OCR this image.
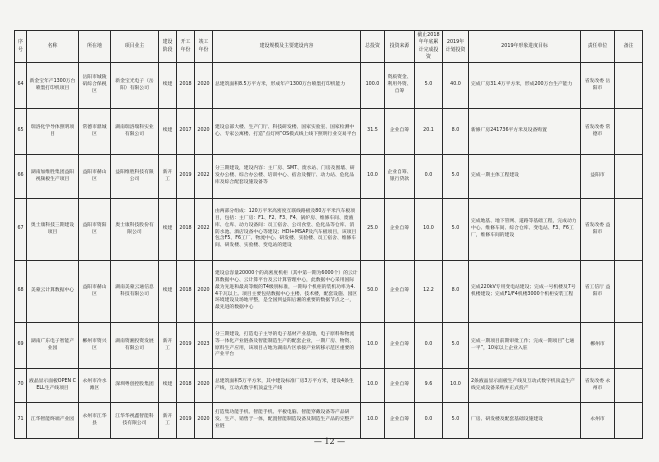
序号	名称	所在地	项目业主	建设阶段	开工年份	竣工年份	建设规模及主要建设内容	总投资	投资来源	截止2018年年底累计完成投资	2019年计划投资	2019年形象进度目标	责任单位	备注
64	新金宝年产1300万台喷墨打印机项目	岳阳市城陵矶综合保税区	新金宝光电子（岳阳）有限公司	续建	2018	2020	总建筑面积8.5万平方米，形成年产1300万台喷墨打印机能力	100.0	资质资金、利用外资、自筹	5.0	40.0	完成厂房31.4万平方米，形成200万台生产能力	省发改委 岳阳市	
65	瑞洛化学导体照明项目	常德市鼎城区	湖南瑞洛瑞科实业有限公司	续建	2017	2020	建设总部大楼、生产门厅、科技研发楼、国家实验室、国家检测中心、专家公寓楼、打造“点灯网”OS模式线上线下照明行业交易平台	31.5	企业自筹	20.1	8.0	新修厂房241736平方米及设备购置	省发改委 常德市	
66	湖南加维胜集团益阳视频板生产项目	益阳市赫山区	益阳维胜科技有限公司	新开工	2019	2022	分三期建设，建设内容：主厂房、SMT、废水站、门房及围墙、研发办公楼、综合办公楼、培训中心、宿舍及餐厅、动力站、危化品库及综合配套设施设备等	10.0	企业自筹、银行贷款	0.0	5.0	完成一期主体工程建设	益阳市	
67	奥士康科技三期建设项目	益阳市资阳区	奥士康科技股份有限公司	续建	2018	2022	由两部分组成：120万平米高密度互联线路板及80万平米汽车板项目，包括：主厂房：F1、F2、F3、F4、锅炉房、维修车间、废液库、仓库、动力设备间：员工宿舍、公司食堂、危化品等仓库、消防水池、酒店设备中心等建设；HDI+MSAP及汽车板项目，该项目包含F5、F6工厂、物流中心、研发楼、实验楼、员工宿舍、维修车间、研发楼、实验楼、变电站的建设	25.0	企业自筹	10.0	5.0	完成地基、地下管网、道路等基础工程，完成动力中心、维修车间、综合仓库、变电站、F3、F6工厂，维修车间的建设	省发改委 益阳市	
68	美蒙云计算数据中心	益阳市赫山区	湖南美蒙云通信息科技有限公司	续建	2018	2020	建设总容量20000个的高密度机柜（其中第一期为6000个）的云计算数据中心、云计算平台及云计算管理中心，此数据中心采用国际最为先进和最高等级的T4级别标准，一期每个机柜的装机功率为4.4千瓦以上。项目主要包括数据中心主楼、技术楼，配套设施、园区环境建设及场地平整，是全国到益阳后湘的重要的数据节点之一，最先进的数据中心	50.0	企业自筹	12.2	8.0	完成220kV专用变电站建设；完成一号机楼及7号机楼建设；完成F1/F4机楼3000个机柜安装工程	省工信厅 益阳市	
69	湖南广东电子智能产业园	郴州市资兴区	湖南资湘投资发展有限公司	新开工	2019	2023	分三期建设，打造电子主导的电子基材产业基地，电子原料和物流等一体化产业链条及智能制造生产的配套企业，一期厂房、物资、原料生产应用，该项目占地为湖南片区承接产业转移示范区重要的产业平台	10.0	企业自筹	0.0	5.0	完成一期项目前期审批工作；完成一期项目“七通一平”，10家以上企业入驻	郴州市	
70	液晶显示面板OPEN CELL生产线项目	永州市冷水滩区	深圳粤创控股集团	续建	2018	2020	总建筑面积5万平方米，其中建设标准厂房3万平方米，建设4条生产线，互动式数字机顶盒生产线	10.0	企业自筹	9.6	10.0	2条液晶显示面板生产线及互动式数字机顶盒生产线完成设备采购并正式投产	省发改委 永州市	
71	江华智能终端产业园	永州市江华县	江华华视鑫智能科技有限公司	新开工	2019	2020	打造集功能手机、智能手机、平板电脑、智能穿戴设备等产品研发、生产、销售于一体，配置智能制造设备及制造生产品的完整产业链	10.0	企业自筹	0.0	5.0	厂房、研发楼及配套基础设施建设	永州市	
— 12 —
